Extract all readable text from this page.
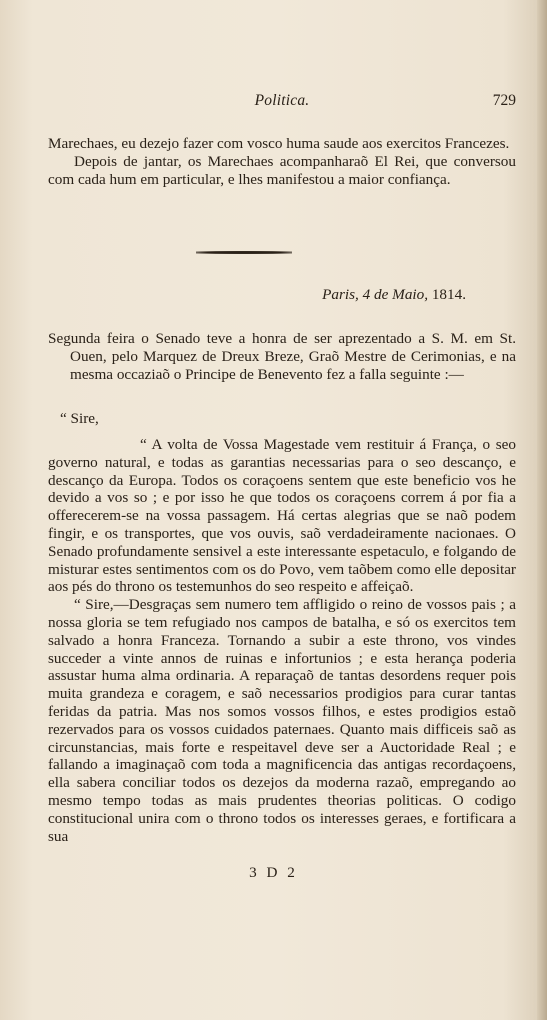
Politica.	729

Marechaes, eu dezejo fazer com vosco huma saude aos exercitos Francezes.

Depois de jantar, os Marechaes acompanharaõ El Rei, que conversou com cada hum em particular, e lhes manifestou a maior confiança.

Paris, 4 de Maio, 1814.

Segunda feira o Senado teve a honra de ser aprezentado a S. M. em St. Ouen, pelo Marquez de Dreux Breze, Graõ Mestre de Cerimonias, e na mesma occaziaõ o Principe de Benevento fez a falla seguinte :—

“ Sire,

“ A volta de Vossa Magestade vem restituir á França, o seo governo natural, e todas as garantias necessarias para o seo descanço, e descanço da Europa. Todos os coraçoens sentem que este beneficio vos he devido a vos so ; e por isso he que todos os coraçoens correm á por fia a offerecerem-se na vossa passagem. Há certas alegrias que se naõ podem fingir, e os transportes, que vos ouvis, saõ verdadeiramente nacionaes. O Senado profundamente sensivel a este interessante espetaculo, e folgando de misturar estes sentimentos com os do Povo, vem taõbem como elle depositar aos pés do throno os testemunhos do seo respeito e affeiçaõ.

“ Sire,—Desgraças sem numero tem affligido o reino de vossos pais ; a nossa gloria se tem refugiado nos campos de batalha, e só os exercitos tem salvado a honra Franceza. Tornando a subir a este throno, vos vindes succeder a vinte annos de ruinas e infortunios ; e esta herança poderia assustar huma alma ordinaria. A reparaçaõ de tantas desordens requer pois muita grandeza e coragem, e saõ necessarios prodigios para curar tantas feridas da patria. Mas nos somos vossos filhos, e estes prodigios estaõ rezervados para os vossos cuidados paternaes. Quanto mais difficeis saõ as circunstancias, mais forte e respeitavel deve ser a Auctoridade Real ; e fallando a imaginaçaõ com toda a magnificencia das antigas recordaçoens, ella sabera conciliar todos os dezejos da moderna razaõ, empregando ao mesmo tempo todas as mais prudentes theorias politicas. O codigo constitucional unira com o throno todos os interesses geraes, e fortificara a sua

3 D 2
